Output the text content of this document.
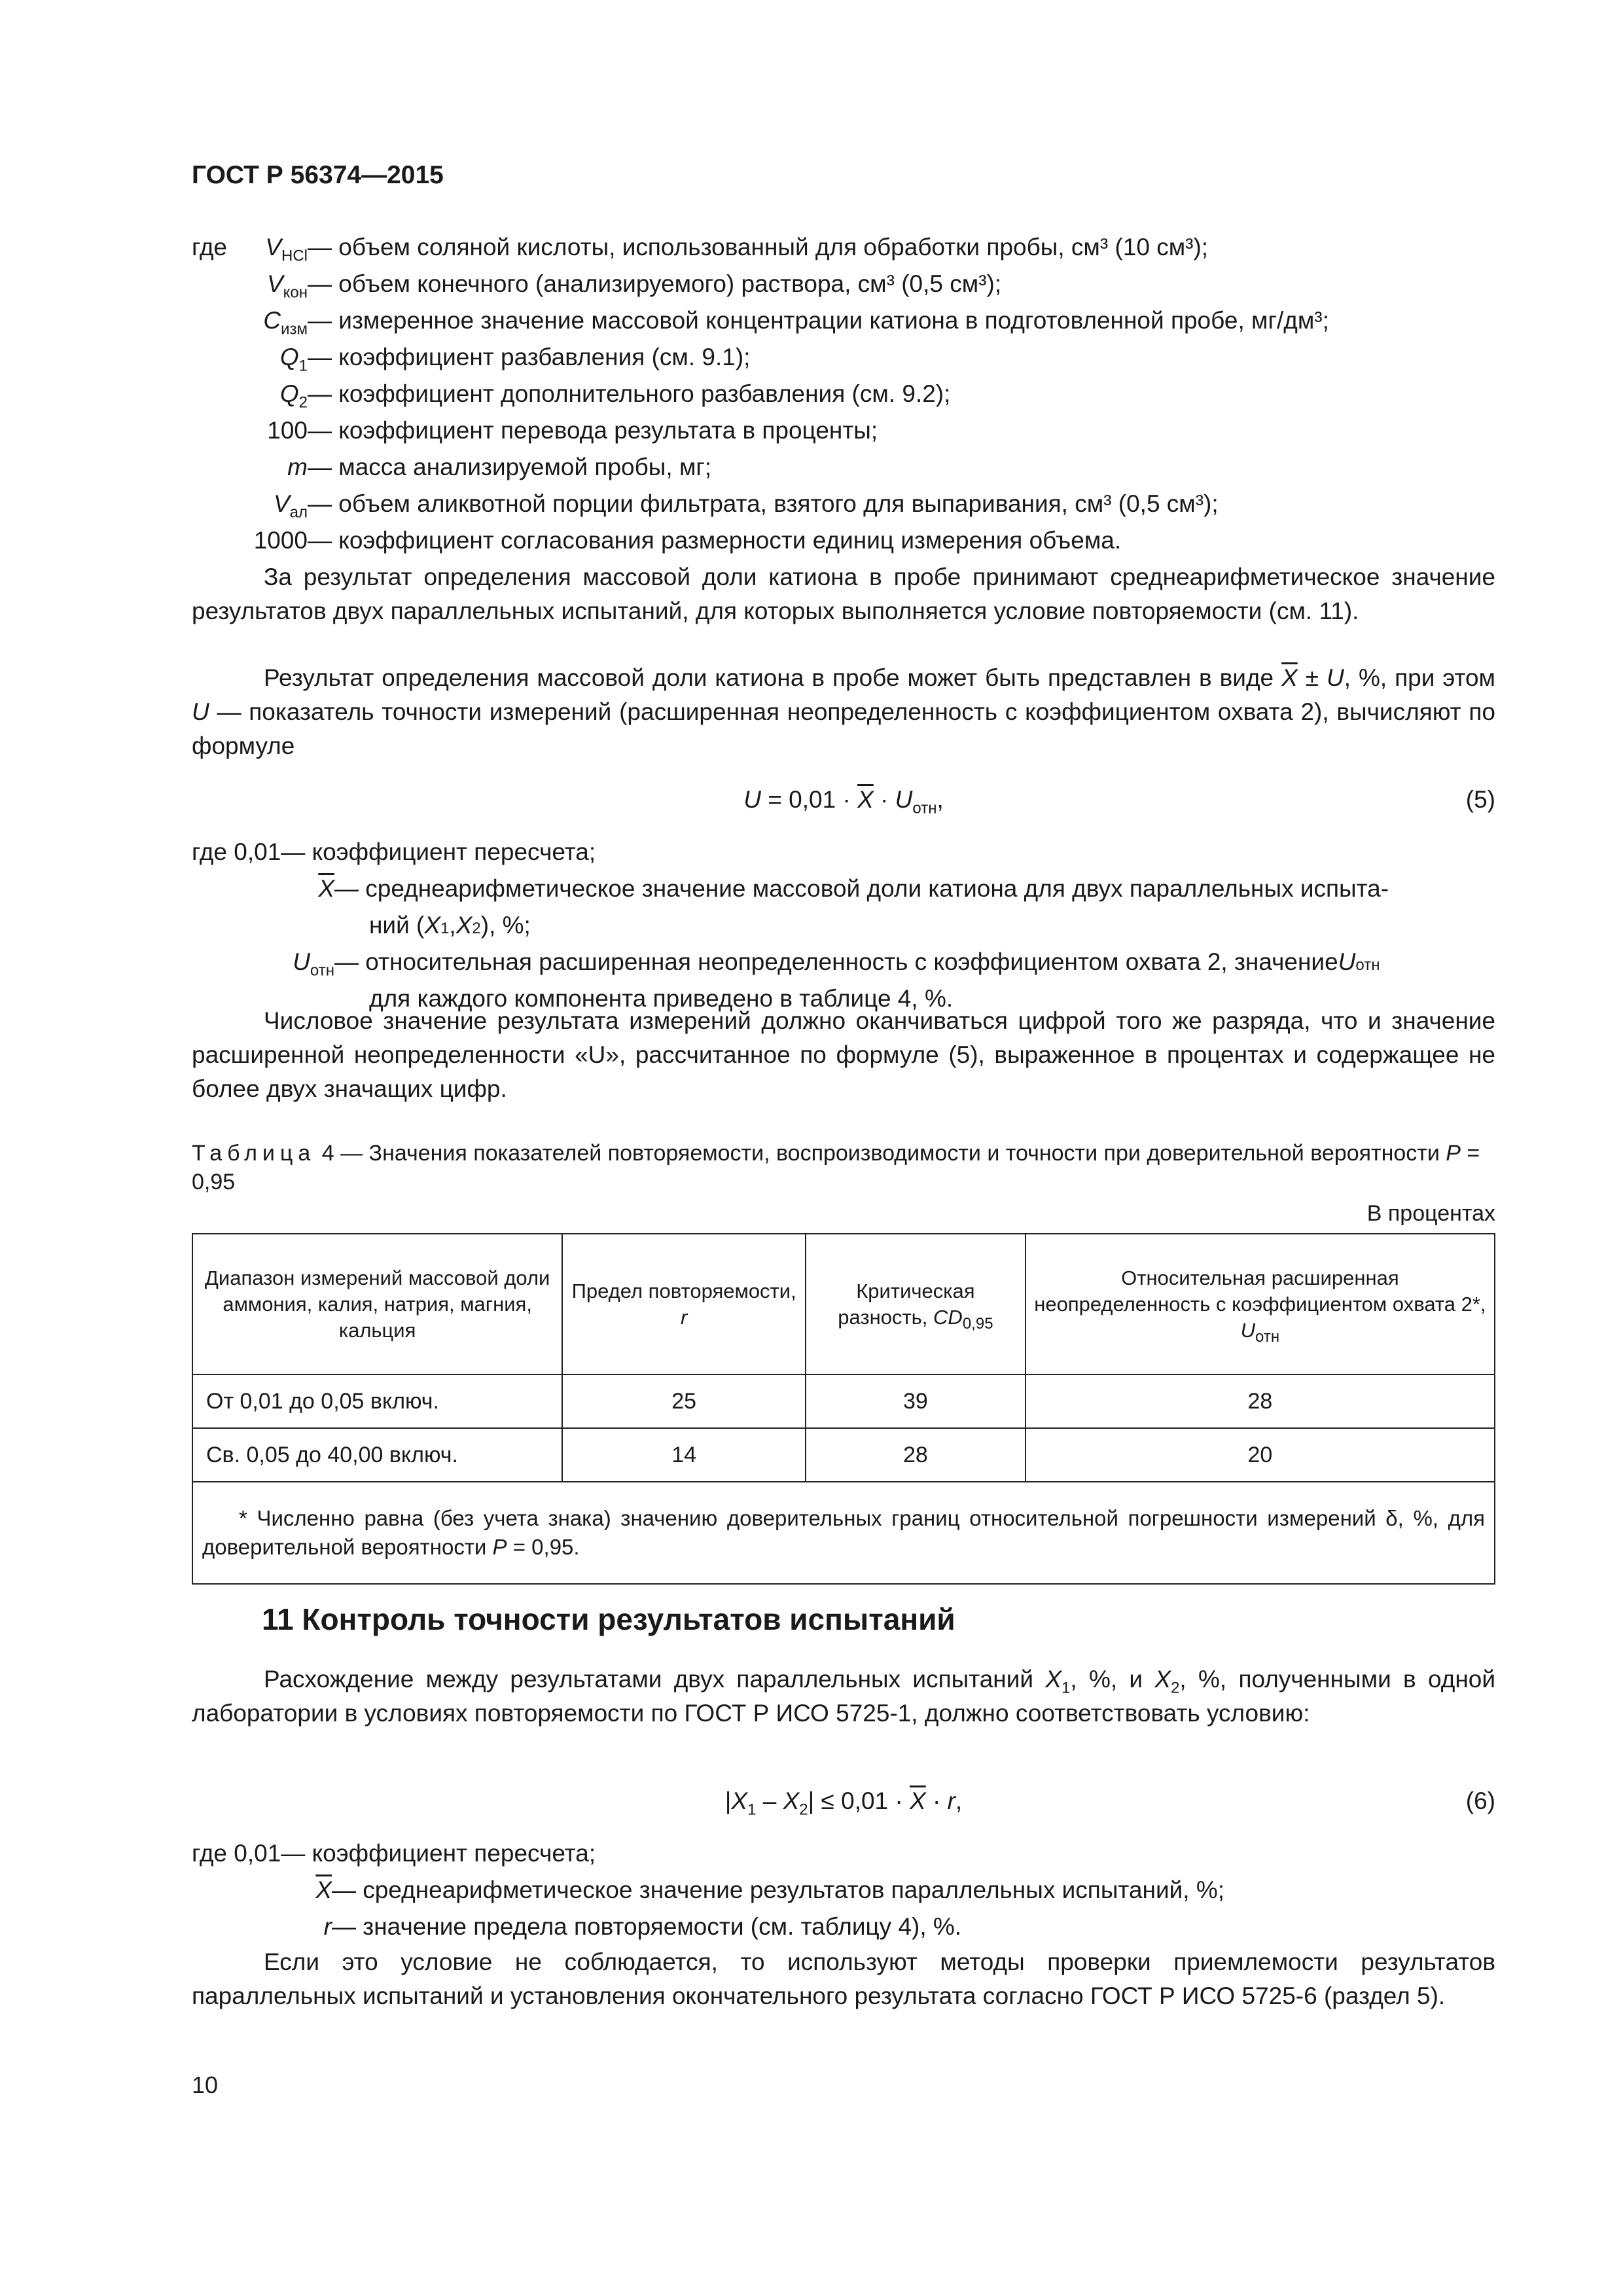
ГОСТ Р 56374—2015
где	$V_{HCl}$ — объем соляной кислоты, использованный для обработки пробы, см³ (10 см³);
$V_{кон}$ — объем конечного (анализируемого) раствора, см³ (0,5 см³);
$C_{изм}$ — измеренное значение массовой концентрации катиона в подготовленной пробе, мг/дм³;
$Q_1$ — коэффициент разбавления (см. 9.1);
$Q_2$ — коэффициент дополнительного разбавления (см. 9.2);
100 — коэффициент перевода результата в проценты;
m — масса анализируемой пробы, мг;
$V_{ал}$ — объем аликвотной порции фильтрата, взятого для выпаривания, см³ (0,5 см³);
1000 — коэффициент согласования размерности единиц измерения объема.
За результат определения массовой доли катиона в пробе принимают среднеарифметическое значение результатов двух параллельных испытаний, для которых выполняется условие повторяемости (см. 11).
Результат определения массовой доли катиона в пробе может быть представлен в виде $\overline{X} \pm U$, %, при этом U — показатель точности измерений (расширенная неопределенность с коэффициентом охвата 2), вычисляют по формуле
$U = 0,01 \cdot \overline{X} \cdot U_{отн}$,	(5)
где 0,01 — коэффициент пересчета;
$\overline{X}$ — среднеарифметическое значение массовой доли катиона для двух параллельных испыта-
ний ( X 1 , X 2 ), %;
$U_{отн}$ — относительная расширенная неопределенность с коэффициентом охвата 2, значение U отн
для каждого компонента приведено в таблице 4, %.
Числовое значение результата измерений должно оканчиваться цифрой того же разряда, что и значение расширенной неопределенности «U», рассчитанное по формуле (5), выраженное в процентах и содержащее не более двух значащих цифр.
Таблица 4 — Значения показателей повторяемости, воспроизводимости и точности при доверительной вероятности P = 0,95
В процентах
Диапазон измерений массовой доли аммония, калия, натрия, магния, кальция	Предел повторяемости, r	Критическая разность, $CD_{0,95}$	Относительная расширенная неопределенность с коэффициентом охвата 2*, $U_{отн}$
От 0,01 до 0,05 включ.	25	39	28
Св. 0,05 до 40,00 включ.	14	28	20
* Численно равна (без учета знака) значению доверительных границ относительной погрешности измерений δ, %, для доверительной вероятности P = 0,95.			
11 Контроль точности результатов испытаний
Расхождение между результатами двух параллельных испытаний $X_1$, %, и $X_2$, %, полученными в одной лаборатории в условиях повторяемости по ГОСТ Р ИСО 5725-1, должно соответствовать условию:
$|X_1 - X_2| \le 0,01 \cdot \overline{X} \cdot r$,	(6)
где 0,01 — коэффициент пересчета;
$\overline{X}$ — среднеарифметическое значение результатов параллельных испытаний, %;
r — значение предела повторяемости (см. таблицу 4), %.
Если это условие не соблюдается, то используют методы проверки приемлемости результатов параллельных испытаний и установления окончательного результата согласно ГОСТ Р ИСО 5725-6 (раздел 5).
10
